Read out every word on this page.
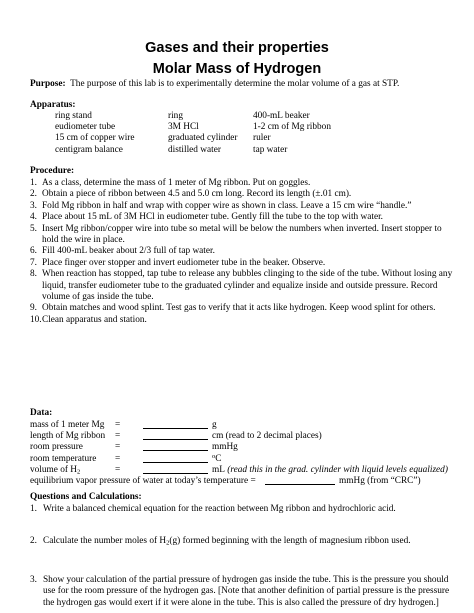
Gases and their properties
Molar Mass of Hydrogen
Purpose: The purpose of this lab is to experimentally determine the molar volume of a gas at STP.
Apparatus:
ring stand	ring	400-mL beaker
eudiometer tube	3M HCl	1-2 cm of Mg ribbon
15 cm of copper wire	graduated cylinder	ruler
centigram balance	distilled water	tap water
Procedure:
1. As a class, determine the mass of 1 meter of Mg ribbon. Put on goggles.
2. Obtain a piece of ribbon between 4.5 and 5.0 cm long. Record its length (±.01 cm).
3. Fold Mg ribbon in half and wrap with copper wire as shown in class. Leave a 15 cm wire “handle.”
4. Place about 15 mL of 3M HCl in eudiometer tube. Gently fill the tube to the top with water.
5. Insert Mg ribbon/copper wire into tube so metal will be below the numbers when inverted. Insert stopper to hold the wire in place.
6. Fill 400-mL beaker about 2/3 full of tap water.
7. Place finger over stopper and invert eudiometer tube in the beaker. Observe.
8. When reaction has stopped, tap tube to release any bubbles clinging to the side of the tube. Without losing any liquid, transfer eudiometer tube to the graduated cylinder and equalize inside and outside pressure. Record volume of gas inside the tube.
9. Obtain matches and wood splint. Test gas to verify that it acts like hydrogen. Keep wood splint for others.
10. Clean apparatus and station.
Data:
mass of 1 meter Mg	=	g
length of Mg ribbon	=	cm (read to 2 decimal places)
room pressure	=	mmHg
room temperature	=	$^o$C
volume of $H_2$	=	mL
(read this in the grad. cylinder with liquid levels equalized)
equilibrium vapor pressure of water at today’s temperature =
	mmHg (from “CRC”)
Questions and Calculations:
1. Write a balanced chemical equation for the reaction between Mg ribbon and hydrochloric acid.
2. Calculate the number moles of $H_2(g)$ formed beginning with the length of magnesium ribbon used.
3. Show your calculation of the partial pressure of hydrogen gas inside the tube. This is the pressure you should use for the room pressure of the hydrogen gas. [Note that another definition of partial pressure is the pressure the hydrogen gas would exert if it were alone in the tube. This is also called the pressure of dry hydrogen.]
